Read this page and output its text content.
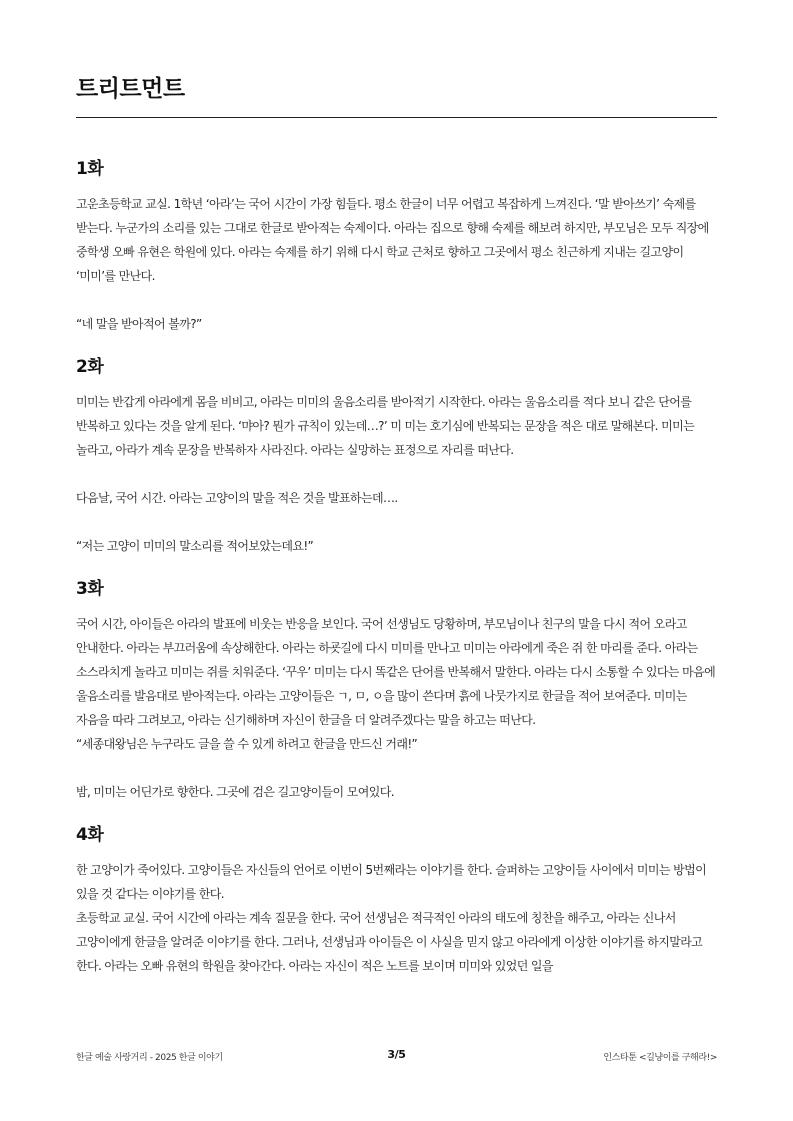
트리트먼트
1화

고운초등학교 교실. 1학년 ‘아라’는 국어 시간이 가장 힘들다. 평소 한글이 너무 어렵고 복잡하게 느껴진다. ‘말 받아쓰기’ 숙제를 받는다. 누군가의 소리를 있는 그대로 한글로 받아적는 숙제이다. 아라는 집으로 향해 숙제를 해보려 하지만, 부모님은 모두 직장에 중학생 오빠 유현은 학원에 있다. 아라는 숙제를 하기 위해 다시 학교 근처로 향하고 그곳에서 평소 친근하게 지내는 길고양이 ‘미미’를 만난다.

“네 말을 받아적어 볼까?”

2화

미미는 반갑게 아라에게 몸을 비비고, 아라는 미미의 울음소리를 받아적기 시작한다. 아라는 울음소리를 적다 보니 같은 단어를 반복하고 있다는 것을 알게 된다. ‘먀아? 뭔가 규칙이 있는데…?’ 미 미는 호기심에 반복되는 문장을 적은 대로 말해본다. 미미는 놀라고, 아라가 계속 문장을 반복하자 사라진다. 아라는 실망하는 표정으로 자리를 떠난다.

다음날, 국어 시간. 아라는 고양이의 말을 적은 것을 발표하는데….

“저는 고양이 미미의 말소리를 적어보았는데요!”

3화

국어 시간, 아이들은 아라의 발표에 비웃는 반응을 보인다. 국어 선생님도 당황하며, 부모님이나 친구의 말을 다시 적어 오라고 안내한다. 아라는 부끄러움에 속상해한다. 아라는 하굣길에 다시 미미를 만나고 미미는 아라에게 죽은 쥐 한 마리를 준다. 아라는 소스라치게 놀라고 미미는 쥐를 치워준다. ‘꾸우’ 미미는 다시 똑같은 단어를 반복해서 말한다. 아라는 다시 소통할 수 있다는 마음에 울음소리를 발음대로 받아적는다. 아라는 고양이들은 ㄱ, ㅁ, ㅇ을 많이 쓴다며 흙에 나뭇가지로 한글을 적어 보여준다. 미미는 자음을 따라 그려보고, 아라는 신기해하며 자신이 한글을 더 알려주겠다는 말을 하고는 떠난다.

“세종대왕님은 누구라도 글을 쓸 수 있게 하려고 한글을 만드신 거래!”

밤, 미미는 어딘가로 향한다. 그곳에 검은 길고양이들이 모여있다.

4화

한 고양이가 죽어있다. 고양이들은 자신들의 언어로 이번이 5번째라는 이야기를 한다. 슬퍼하는 고양이들 사이에서 미미는 방법이 있을 것 같다는 이야기를 한다.

초등학교 교실. 국어 시간에 아라는 계속 질문을 한다. 국어 선생님은 적극적인 아라의 태도에 칭찬을 해주고, 아라는 신나서 고양이에게 한글을 알려준 이야기를 한다. 그러나, 선생님과 아이들은 이 사실을 믿지 않고 아라에게 이상한 이야기를 하지말라고 한다. 아라는 오빠 유현의 학원을 찾아간다. 아라는 자신이 적은 노트를 보이며 미미와 있었던 일을

한글 예술 사랑거리 - 2025 한글 이야기	3/5	인스타툰 <길냥이를 구해라!>
